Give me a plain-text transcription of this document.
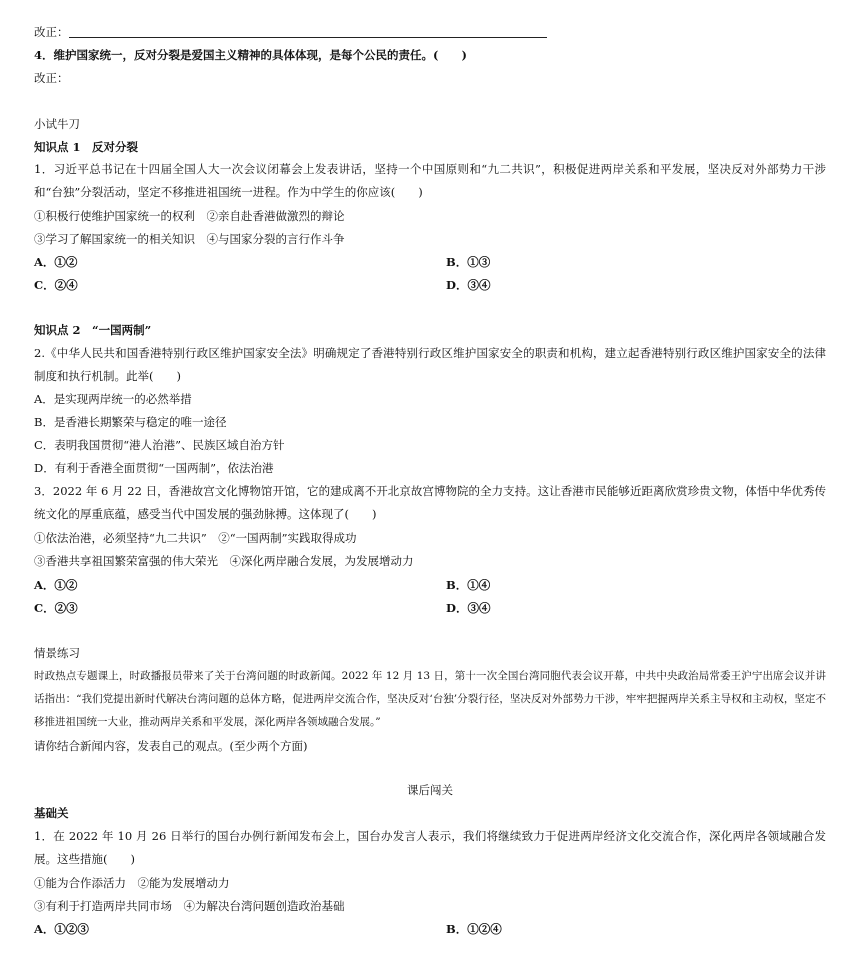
改正：
4．维护国家统一，反对分裂是爱国主义精神的具体体现，是每个公民的责任。(　　)
改正：
小试牛刀
知识点 1　反对分裂
1．习近平总书记在十四届全国人大一次会议闭幕会上发表讲话，坚持一个中国原则和“九二共识”，积极促进两岸关系和平发展，坚决反对外部势力干涉和“台独”分裂活动，坚定不移推进祖国统一进程。作为中学生的你应该(　　)
①积极行使维护国家统一的权利　②亲自赴香港做激烈的辩论
③学习了解国家统一的相关知识　④与国家分裂的言行作斗争
A．①②	B．①③
C．②④	D．③④
知识点 2　“一国两制”
2.《中华人民共和国香港特别行政区维护国家安全法》明确规定了香港特别行政区维护国家安全的职责和机构，建立起香港特别行政区维护国家安全的法律制度和执行机制。此举(　　)
A．是实现两岸统一的必然举措
B．是香港长期繁荣与稳定的唯一途径
C．表明我国贯彻“港人治港”、民族区域自治方针
D．有利于香港全面贯彻“一国两制”，依法治港
3．2022 年 6 月 22 日，香港故宫文化博物馆开馆，它的建成离不开北京故宫博物院的全力支持。这让香港市民能够近距离欣赏珍贵文物，体悟中华优秀传统文化的厚重底蕴，感受当代中国发展的强劲脉搏。这体现了(　　)
①依法治港，必须坚持“九二共识”　②“一国两制”实践取得成功
③香港共享祖国繁荣富强的伟大荣光　④深化两岸融合发展，为发展增动力
A．①②	B．①④
C．②③	D．③④
情景练习
时政热点专题课上，时政播报员带来了关于台湾问题的时政新闻。2022 年 12 月 13 日，第十一次全国台湾同胞代表会议开幕，中共中央政治局常委王沪宁出席会议并讲话指出：“我们党提出新时代解决台湾问题的总体方略，促进两岸交流合作，坚决反对‘台独’分裂行径，坚决反对外部势力干涉，牢牢把握两岸关系主导权和主动权，坚定不移推进祖国统一大业，推动两岸关系和平发展，深化两岸各领域融合发展。”
请你结合新闻内容，发表自己的观点。(至少两个方面)
课后闯关
基础关
1．在 2022 年 10 月 26 日举行的国台办例行新闻发布会上，国台办发言人表示，我们将继续致力于促进两岸经济文化交流合作，深化两岸各领域融合发展。这些措施(　　)
①能为合作添活力　②能为发展增动力
③有利于打造两岸共同市场　④为解决台湾问题创造政治基础
A．①②③	B．①②④
